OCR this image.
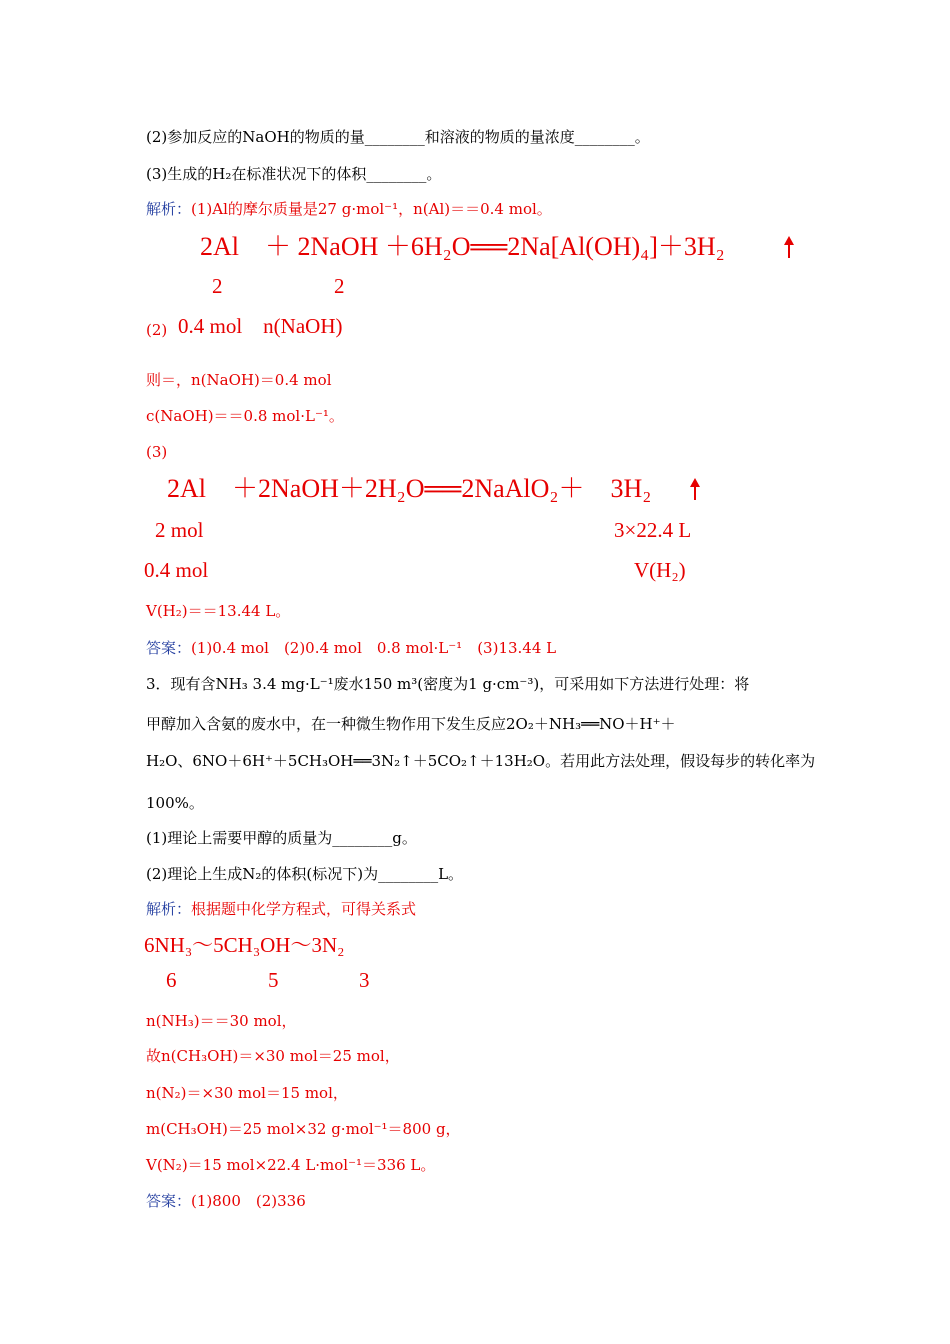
(2)参加反应的NaOH的物质的量________和溶液的物质的量浓度________。
(3)生成的H₂在标准状况下的体积________。
解析：(1)Al的摩尔质量是27 g·mol⁻¹，n(Al)＝＝0.4 mol。
2Al　＋ 2NaOH ＋6H₂O══2Na[Al(OH)₄]＋3H₂
2	2
(2) 0.4 mol　n(NaOH)
则＝，n(NaOH)＝0.4 mol
c(NaOH)＝＝0.8 mol·L⁻¹。
(3)
2Al　＋2NaOH＋2H₂O══2NaAlO₂＋　3H₂
2 mol	3×22.4 L
0.4 mol	V(H₂)
V(H₂)＝＝13.44 L。
答案：(1)0.4 mol　(2)0.4 mol　0.8 mol·L⁻¹　(3)13.44 L
3．现有含NH₃ 3.4 mg·L⁻¹废水150 m³(密度为1 g·cm⁻³)，可采用如下方法进行处理：将
甲醇加入含氨的废水中，在一种微生物作用下发生反应2O₂＋NH₃══NO＋H⁺＋
H₂O、6NO＋6H⁺＋5CH₃OH══3N₂↑＋5CO₂↑＋13H₂O。若用此方法处理，假设每步的转化率为
100%。
(1)理论上需要甲醇的质量为________g。
(2)理论上生成N₂的体积(标况下)为________L。
解析：根据题中化学方程式，可得关系式
6NH₃～5CH₃OH～3N₂
6	5	3
n(NH₃)＝＝30 mol，
故n(CH₃OH)＝×30 mol＝25 mol，
n(N₂)＝×30 mol＝15 mol，
m(CH₃OH)＝25 mol×32 g·mol⁻¹＝800 g，
V(N₂)＝15 mol×22.4 L·mol⁻¹＝336 L。
答案：(1)800　(2)336
